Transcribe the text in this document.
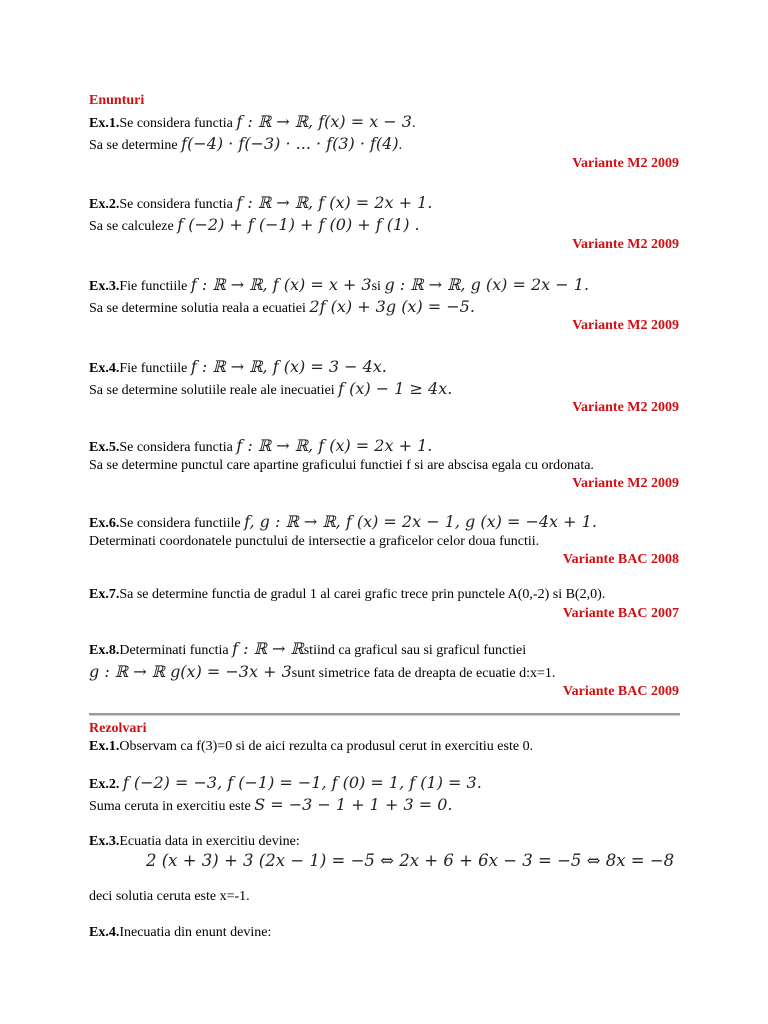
Enunturi
Ex.1.Se considera functia f : ℝ → ℝ, f(x) = x − 3.
Sa se determine f(−4) · f(−3) · ... · f(3) · f(4).
Variante M2 2009
Ex.2.Se considera functia f : ℝ → ℝ, f (x) = 2x + 1.
Sa se calculeze f (−2) + f (−1) + f (0) + f (1) .
Variante M2 2009
Ex.3.Fie functiile f : ℝ → ℝ, f (x) = x + 3si g : ℝ → ℝ, g (x) = 2x − 1.
Sa se determine solutia reala a ecuatiei 2f (x) + 3g (x) = −5.
Variante M2 2009
Ex.4.Fie functiile f : ℝ → ℝ, f (x) = 3 − 4x.
Sa se determine solutiile reale ale inecuatiei f (x) − 1 ≥ 4x.
Variante M2 2009
Ex.5.Se considera functia f : ℝ → ℝ, f (x) = 2x + 1.
Sa se determine punctul care apartine graficului functiei f si are abscisa egala cu ordonata.
Variante M2 2009
Ex.6.Se considera functiile f, g : ℝ → ℝ, f (x) = 2x − 1, g (x) = −4x + 1.
Determinati coordonatele punctului de intersectie a graficelor celor doua functii.
Variante BAC 2008
Ex.7.Sa se determine functia de gradul 1 al carei grafic trece prin punctele A(0,-2) si B(2,0).
Variante BAC 2007
Ex.8.Determinati functia f : ℝ → ℝstiind ca graficul sau si graficul functiei
g : ℝ → ℝ g(x) = −3x + 3sunt simetrice fata de dreapta de ecuatie d:x=1.
Variante BAC 2009
Rezolvari
Ex.1.Observam ca f(3)=0 si de aici rezulta ca produsul cerut in exercitiu este 0.
Ex.2. f (−2) = −3, f (−1) = −1, f (0) = 1, f (1) = 3.
Suma ceruta in exercitiu este S = −3 − 1 + 1 + 3 = 0.
Ex.3.Ecuatia data in exercitiu devine:
2 (x + 3) + 3 (2x − 1) = −5 ⇔ 2x + 6 + 6x − 3 = −5 ⇔ 8x = −8
deci solutia ceruta este x=-1.
Ex.4.Inecuatia din enunt devine:
